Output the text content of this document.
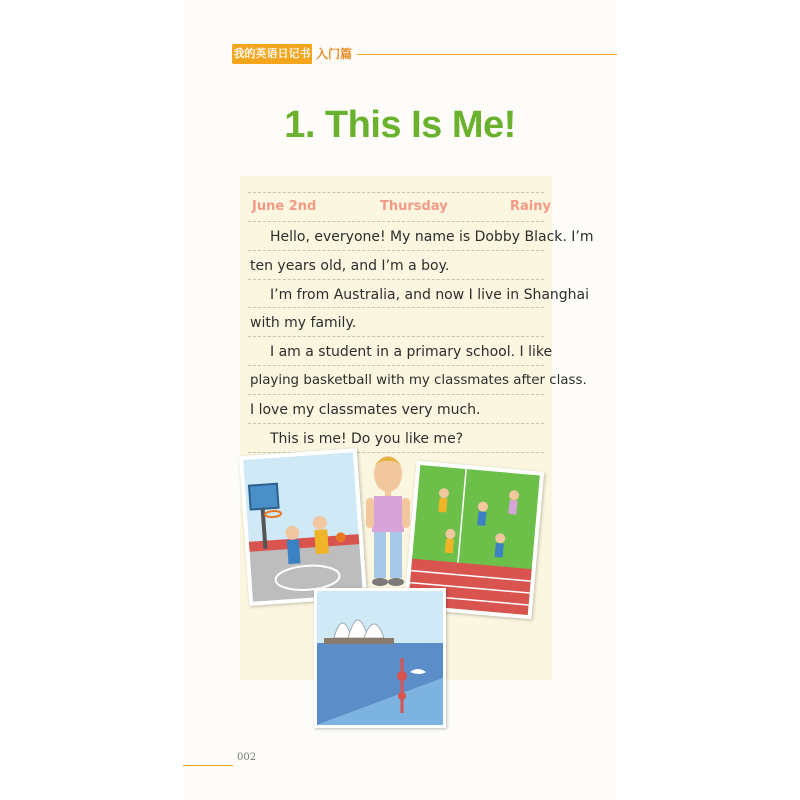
我的英语日记书 入门篇
1. This Is Me!
June 2nd	Thursday	Rainy
Hello, everyone! My name is Dobby Black. I’m
ten years old, and I’m a boy.
I’m from Australia, and now I live in Shanghai
with my family.
I am a student in a primary school. I like
playing basketball with my classmates after class.
I love my classmates very much.
This is me! Do you like me?
002
